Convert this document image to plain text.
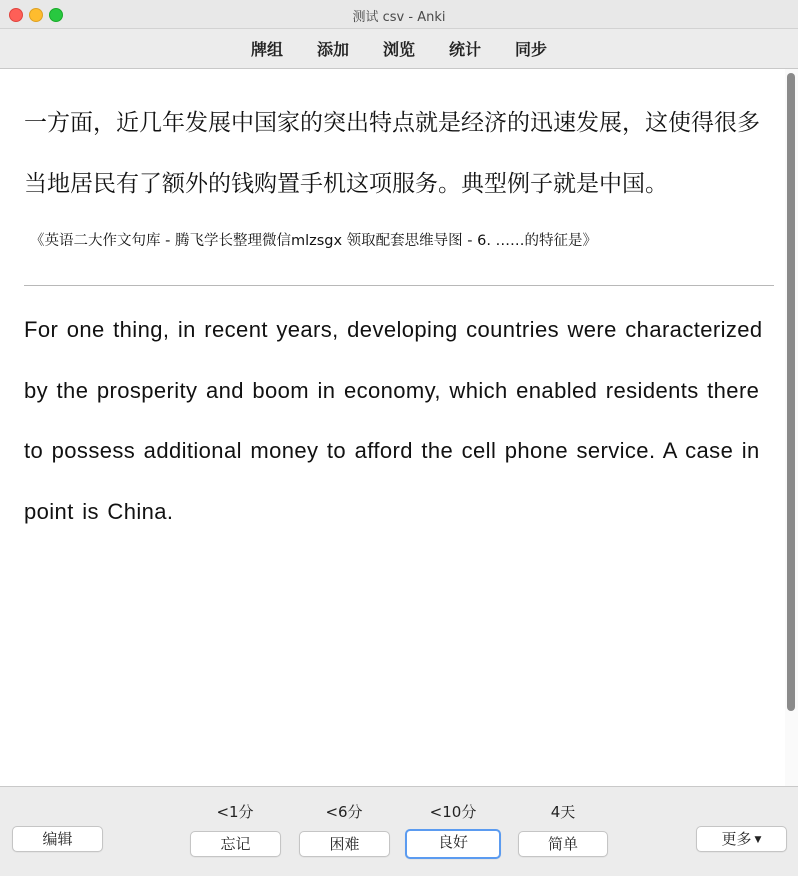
测试 csv - Anki
牌组	添加	浏览	统计	同步
一方面，近几年发展中国家的突出特点就是经济的迅速发展，这使得很多当地居民有了额外的钱购置手机这项服务。典型例子就是中国。
《英语二大作文句库 - 腾飞学长整理微信mlzsgx 领取配套思维导图 - 6. ……的特征是》
For one thing, in recent years, developing countries were characterized by the prosperity and boom in economy, which enabled residents there to possess additional money to afford the cell phone service. A case in point is China.
编辑
<1分	<6分	<10分	4天
忘记	困难	良好	简单	更多 ▼
